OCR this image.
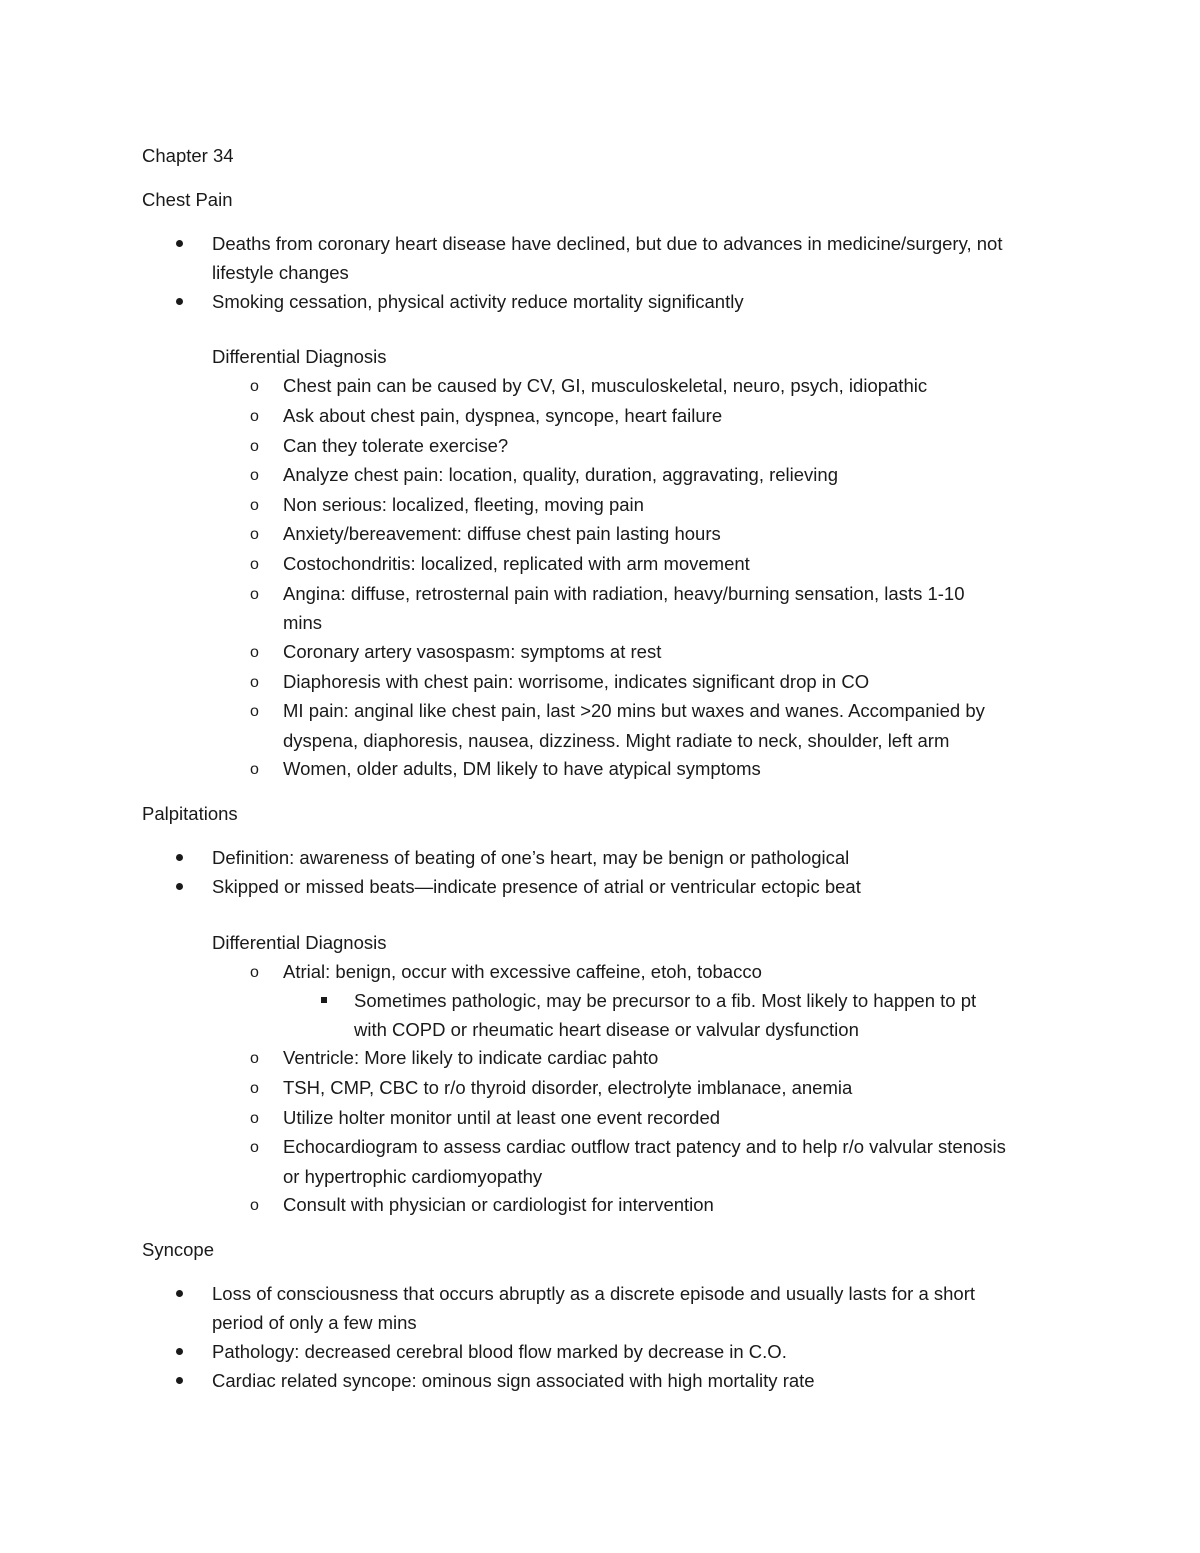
Chapter 34
Chest Pain
Deaths from coronary heart disease have declined, but due to advances in medicine/surgery, not
lifestyle changes
Smoking cessation, physical activity reduce mortality significantly
Differential Diagnosis
o Chest pain can be caused by CV, GI, musculoskeletal, neuro, psych, idiopathic
o Ask about chest pain, dyspnea, syncope, heart failure
o Can they tolerate exercise?
o Analyze chest pain: location, quality, duration, aggravating, relieving
o Non serious: localized, fleeting, moving pain
o Anxiety/bereavement: diffuse chest pain lasting hours
o Costochondritis: localized, replicated with arm movement
o Angina: diffuse, retrosternal pain with radiation, heavy/burning sensation, lasts 1-10
mins
o Coronary artery vasospasm: symptoms at rest
o Diaphoresis with chest pain: worrisome, indicates significant drop in CO
o MI pain: anginal like chest pain, last >20 mins but waxes and wanes. Accompanied by
dyspena, diaphoresis, nausea, dizziness. Might radiate to neck, shoulder, left arm
o Women, older adults, DM likely to have atypical symptoms
Palpitations
Definition: awareness of beating of one’s heart, may be benign or pathological
Skipped or missed beats—indicate presence of atrial or ventricular ectopic beat
Differential Diagnosis
o Atrial: benign, occur with excessive caffeine, etoh, tobacco
Sometimes pathologic, may be precursor to a fib. Most likely to happen to pt
with COPD or rheumatic heart disease or valvular dysfunction
o Ventricle: More likely to indicate cardiac pahto
o TSH, CMP, CBC to r/o thyroid disorder, electrolyte imblanace, anemia
o Utilize holter monitor until at least one event recorded
o Echocardiogram to assess cardiac outflow tract patency and to help r/o valvular stenosis
or hypertrophic cardiomyopathy
o Consult with physician or cardiologist for intervention
Syncope
Loss of consciousness that occurs abruptly as a discrete episode and usually lasts for a short
period of only a few mins
Pathology: decreased cerebral blood flow marked by decrease in C.O.
Cardiac related syncope: ominous sign associated with high mortality rate
